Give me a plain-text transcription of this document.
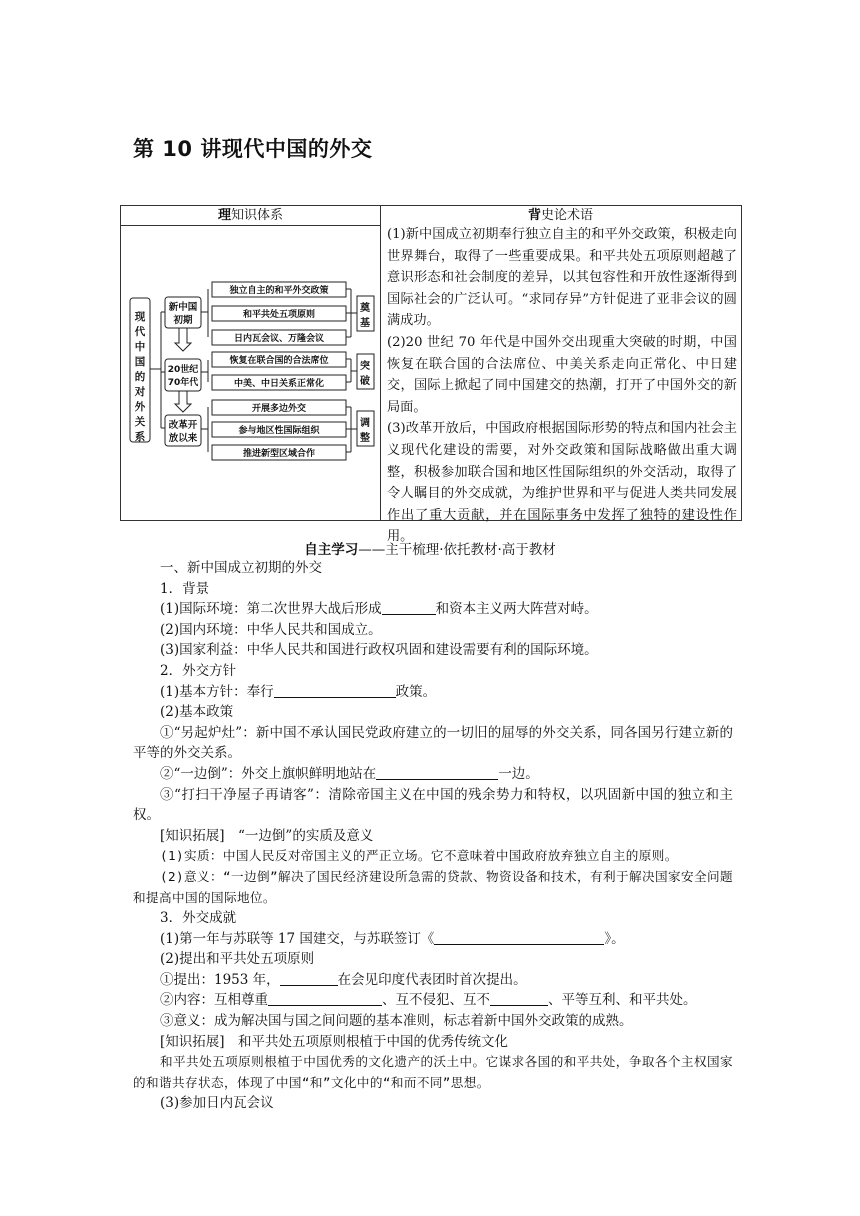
第 10 讲现代中国的外交
理知识体系	背史论术语
现
代
中
国
的
对
外
关
系
新中国
初期
20世纪
70年代
改革开
放以来
独立自主的和平外交政策
和平共处五项原则
日内瓦会议、万隆会议
恢复在联合国的合法席位
中美、中日关系正常化
开展多边外交
参与地区性国际组织
推进新型区域合作
奠
基
突
破
调
整
(1)新中国成立初期奉行独立自主的和平外交政策，积极走向世界舞台，取得了一些重要成果。和平共处五项原则超越了意识形态和社会制度的差异，以其包容性和开放性逐渐得到国际社会的广泛认可。“求同存异”方针促进了亚非会议的圆满成功。
(2)20 世纪 70 年代是中国外交出现重大突破的时期，中国恢复在联合国的合法席位、中美关系走向正常化、中日建交，国际上掀起了同中国建交的热潮，打开了中国外交的新局面。
(3)改革开放后，中国政府根据国际形势的特点和国内社会主义现代化建设的需要，对外交政策和国际战略做出重大调整，积极参加联合国和地区性国际组织的外交活动，取得了令人瞩目的外交成就，为维护世界和平与促进人类共同发展作出了重大贡献，并在国际事务中发挥了独特的建设性作用。
自主学习——主干梳理·依托教材·高于教材
一、新中国成立初期的外交
1．背景
(1)国际环境：第二次世界大战后形成	和资本主义两大阵营对峙。
(2)国内环境：中华人民共和国成立。
(3)国家利益：中华人民共和国进行政权巩固和建设需要有利的国际环境。
2．外交方针
(1)基本方针：奉行	政策。
(2)基本政策
①“另起炉灶”：新中国不承认国民党政府建立的一切旧的屈辱的外交关系，同各国另行建立新的平等的外交关系。
②“一边倒”：外交上旗帜鲜明地站在	一边。
③“打扫干净屋子再请客”：清除帝国主义在中国的残余势力和特权，以巩固新中国的独立和主权。
[知识拓展]　“一边倒”的实质及意义
(1)实质：中国人民反对帝国主义的严正立场。它不意味着中国政府放弃独立自主的原则。
(2)意义：“一边倒”解决了国民经济建设所急需的贷款、物资设备和技术，有利于解决国家安全问题和提高中国的国际地位。
3．外交成就
(1)第一年与苏联等 17 国建交，与苏联签订《	》。
(2)提出和平共处五项原则
①提出：1953 年，	在会见印度代表团时首次提出。
②内容：互相尊重	、互不侵犯、互不	、平等互利、和平共处。
③意义：成为解决国与国之间问题的基本准则，标志着新中国外交政策的成熟。
[知识拓展]　和平共处五项原则根植于中国的优秀传统文化
和平共处五项原则根植于中国优秀的文化遗产的沃土中。它谋求各国的和平共处，争取各个主权国家的和谐共存状态，体现了中国“和”文化中的“和而不同”思想。
(3)参加日内瓦会议
